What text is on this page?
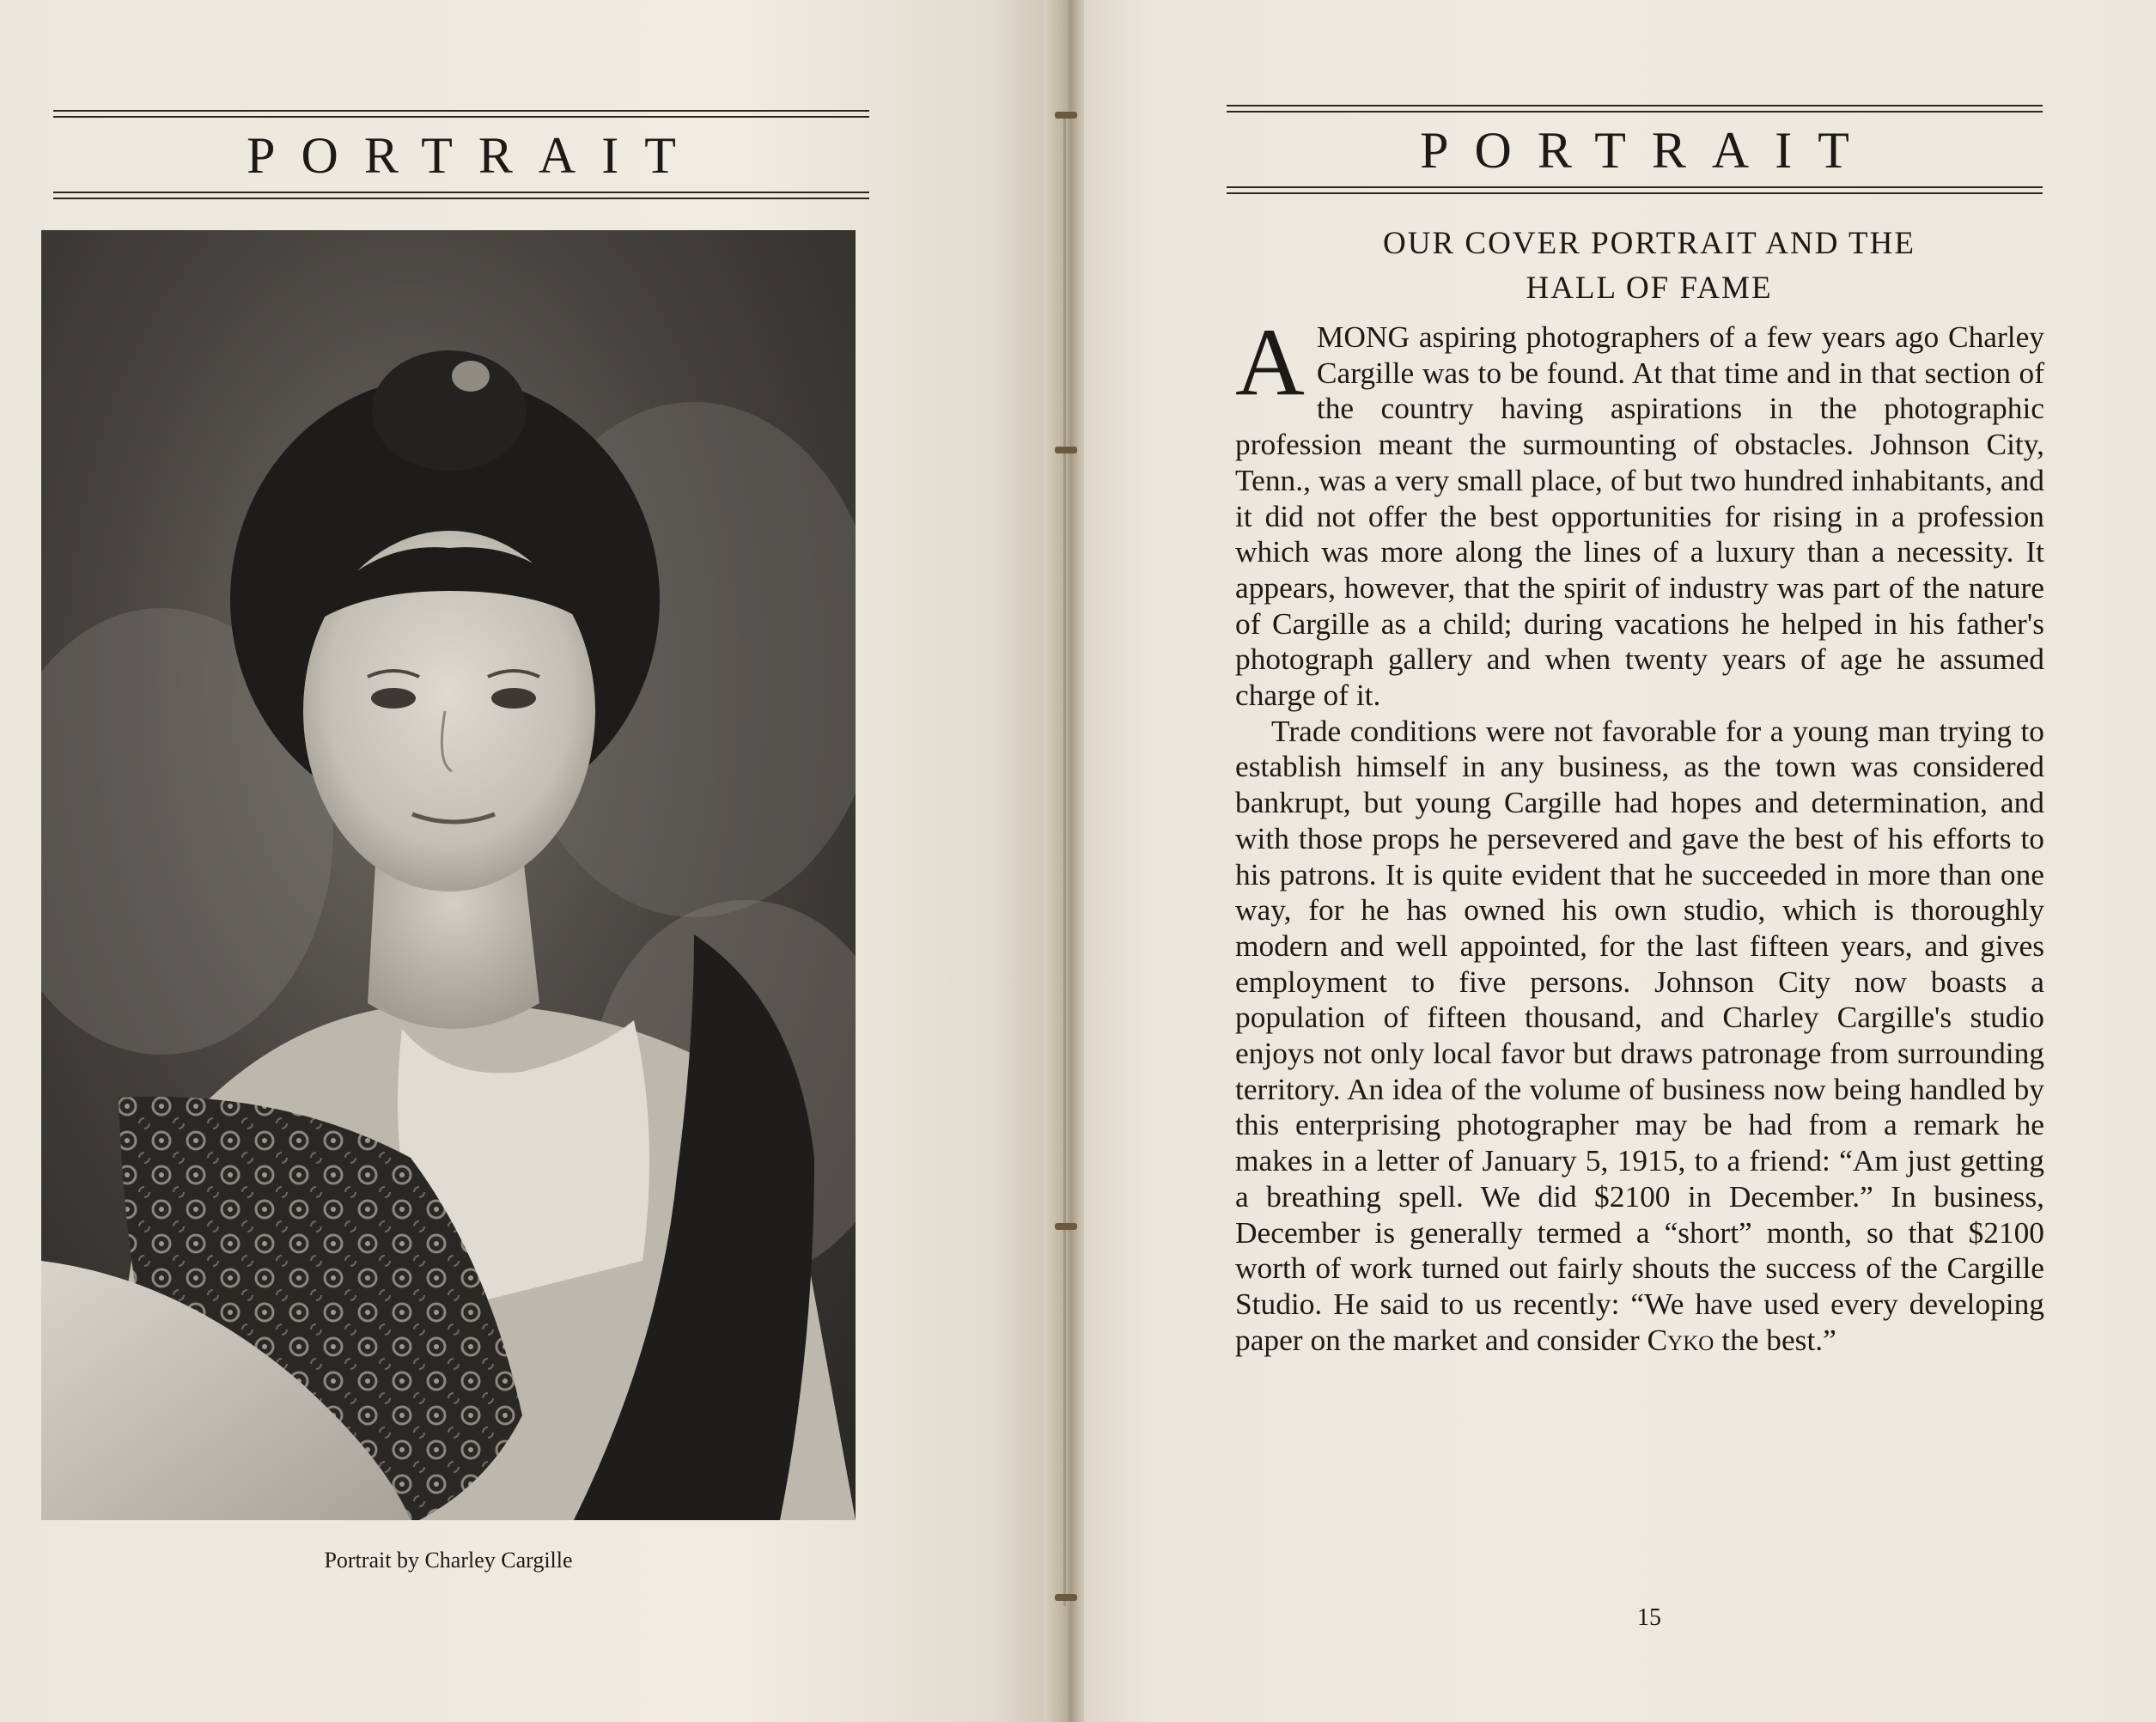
PORTRAIT
Portrait by Charley Cargille
PORTRAIT
OUR COVER PORTRAIT AND THE
HALL OF FAME

AMONG aspiring photographers of a few years ago Charley Cargille was to be found. At that time and in that section of the country having aspirations in the photographic profession meant the surmounting of obstacles. Johnson City, Tenn., was a very small place, of but two hundred inhabitants, and it did not offer the best opportunities for rising in a profession which was more along the lines of a luxury than a necessity. It appears, however, that the spirit of industry was part of the nature of Cargille as a child; during vacations he helped in his father's photograph gallery and when twenty years of age he assumed charge of it.

Trade conditions were not favorable for a young man trying to establish himself in any business, as the town was considered bankrupt, but young Cargille had hopes and determination, and with those props he persevered and gave the best of his efforts to his patrons. It is quite evident that he succeeded in more than one way, for he has owned his own studio, which is thoroughly modern and well appointed, for the last fifteen years, and gives employment to five persons. Johnson City now boasts a population of fifteen thousand, and Charley Cargille's studio enjoys not only local favor but draws patronage from surrounding territory. An idea of the volume of business now being handled by this enterprising photographer may be had from a remark he makes in a letter of January 5, 1915, to a friend: “Am just getting a breathing spell. We did $2100 in December.” In business, December is generally termed a “short” month, so that $2100 worth of work turned out fairly shouts the success of the Cargille Studio. He said to us recently: “We have used every developing paper on the market and consider Cyko the best.”

15
